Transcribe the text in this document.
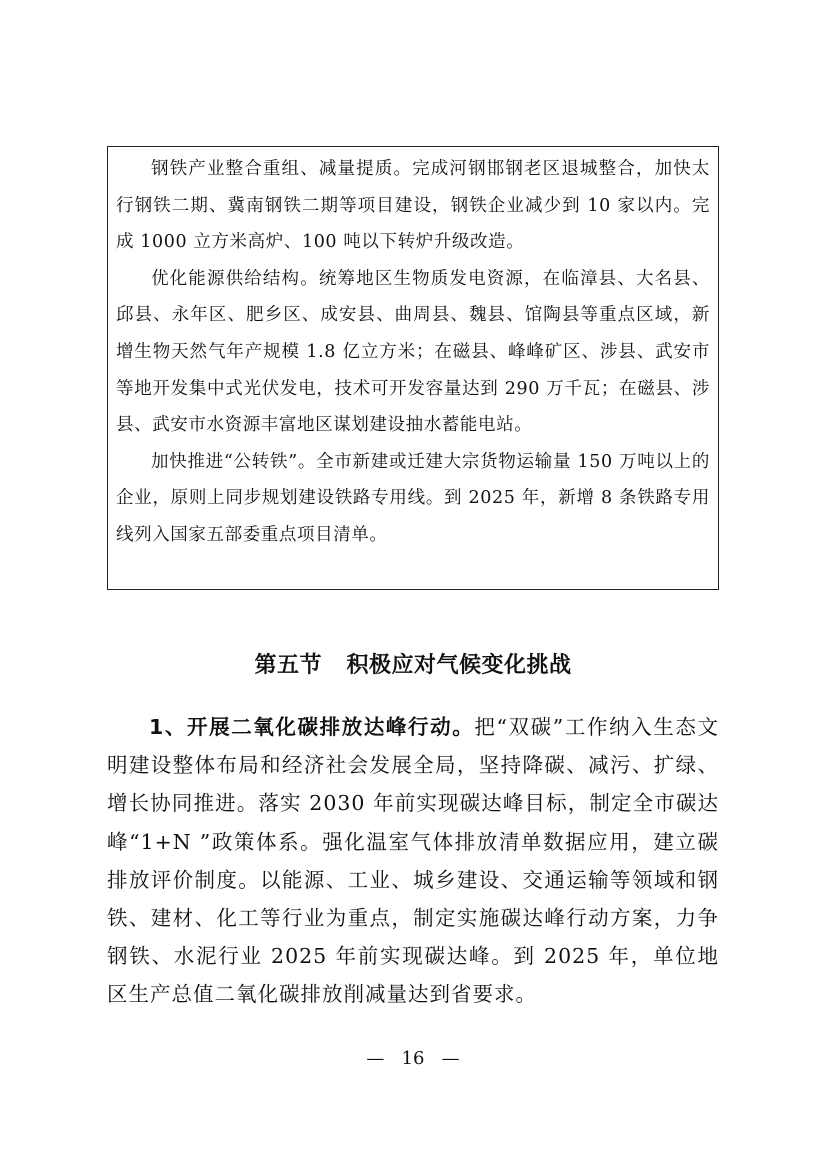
钢铁产业整合重组、减量提质。完成河钢邯钢老区退城整合，加快太行钢铁二期、冀南钢铁二期等项目建设，钢铁企业减少到 10 家以内。完成 1000 立方米高炉、100 吨以下转炉升级改造。

优化能源供给结构。统筹地区生物质发电资源，在临漳县、大名县、邱县、永年区、肥乡区、成安县、曲周县、魏县、馆陶县等重点区域，新增生物天然气年产规模 1.8 亿立方米；在磁县、峰峰矿区、涉县、武安市等地开发集中式光伏发电，技术可开发容量达到 290 万千瓦；在磁县、涉县、武安市水资源丰富地区谋划建设抽水蓄能电站。

加快推进“公转铁”。全市新建或迁建大宗货物运输量 150 万吨以上的企业，原则上同步规划建设铁路专用线。到 2025 年，新增 8 条铁路专用线列入国家五部委重点项目清单。

第五节   积极应对气候变化挑战

1、开展二氧化碳排放达峰行动。把“双碳”工作纳入生态文明建设整体布局和经济社会发展全局，坚持降碳、减污、扩绿、增长协同推进。落实 2030 年前实现碳达峰目标，制定全市碳达峰“1+N ”政策体系。强化温室气体排放清单数据应用，建立碳排放评价制度。以能源、工业、城乡建设、交通运输等领域和钢铁、建材、化工等行业为重点，制定实施碳达峰行动方案，力争钢铁、水泥行业 2025 年前实现碳达峰。到 2025 年，单位地区生产总值二氧化碳排放削减量达到省要求。

—   16   —
